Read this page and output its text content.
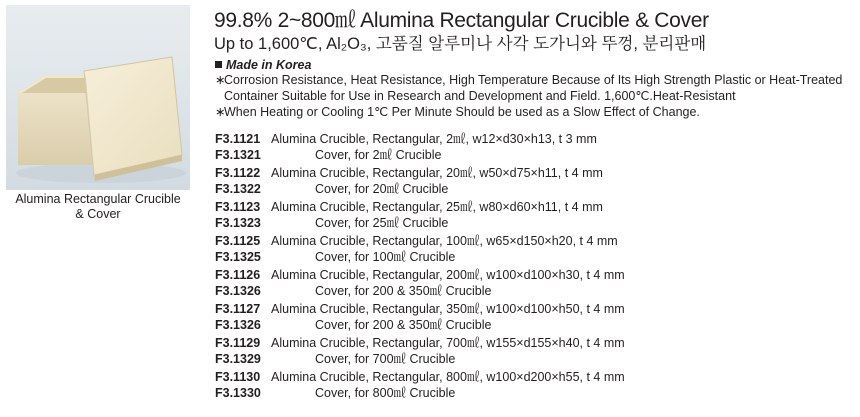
Alumina Rectangular Crucible
& Cover
99.8% 2~800㎖ Alumina Rectangular Crucible & Cover
Up to 1,600℃, Al₂O₃, 고품질 알루미나 사각 도가니와 뚜껑, 분리판매
Made in Korea
∗Corrosion Resistance, Heat Resistance, High Temperature Because of Its High Strength Plastic or Heat-Treated
Container Suitable for Use in Research and Development and Field. 1,600℃.Heat-Resistant
∗When Heating or Cooling 1℃ Per Minute Should be used as a Slow Effect of Change.
F3.1121 Alumina Crucible, Rectangular, 2㎖, w12×d30×h13, t 3 mm
F3.1321	Cover, for 2㎖ Crucible
F3.1122 Alumina Crucible, Rectangular, 20㎖, w50×d75×h11, t 4 mm
F3.1322	Cover, for 20㎖ Crucible
F3.1123 Alumina Crucible, Rectangular, 25㎖, w80×d60×h11, t 4 mm
F3.1323	Cover, for 25㎖ Crucible
F3.1125 Alumina Crucible, Rectangular, 100㎖, w65×d150×h20, t 4 mm
F3.1325	Cover, for 100㎖ Crucible
F3.1126 Alumina Crucible, Rectangular, 200㎖, w100×d100×h30, t 4 mm
F3.1326	Cover, for 200 & 350㎖ Crucible
F3.1127 Alumina Crucible, Rectangular, 350㎖, w100×d100×h50, t 4 mm
F3.1326	Cover, for 200 & 350㎖ Crucible
F3.1129 Alumina Crucible, Rectangular, 700㎖, w155×d155×h40, t 4 mm
F3.1329	Cover, for 700㎖ Crucible
F3.1130 Alumina Crucible, Rectangular, 800㎖, w100×d200×h55, t 4 mm
F3.1330	Cover, for 800㎖ Crucible
